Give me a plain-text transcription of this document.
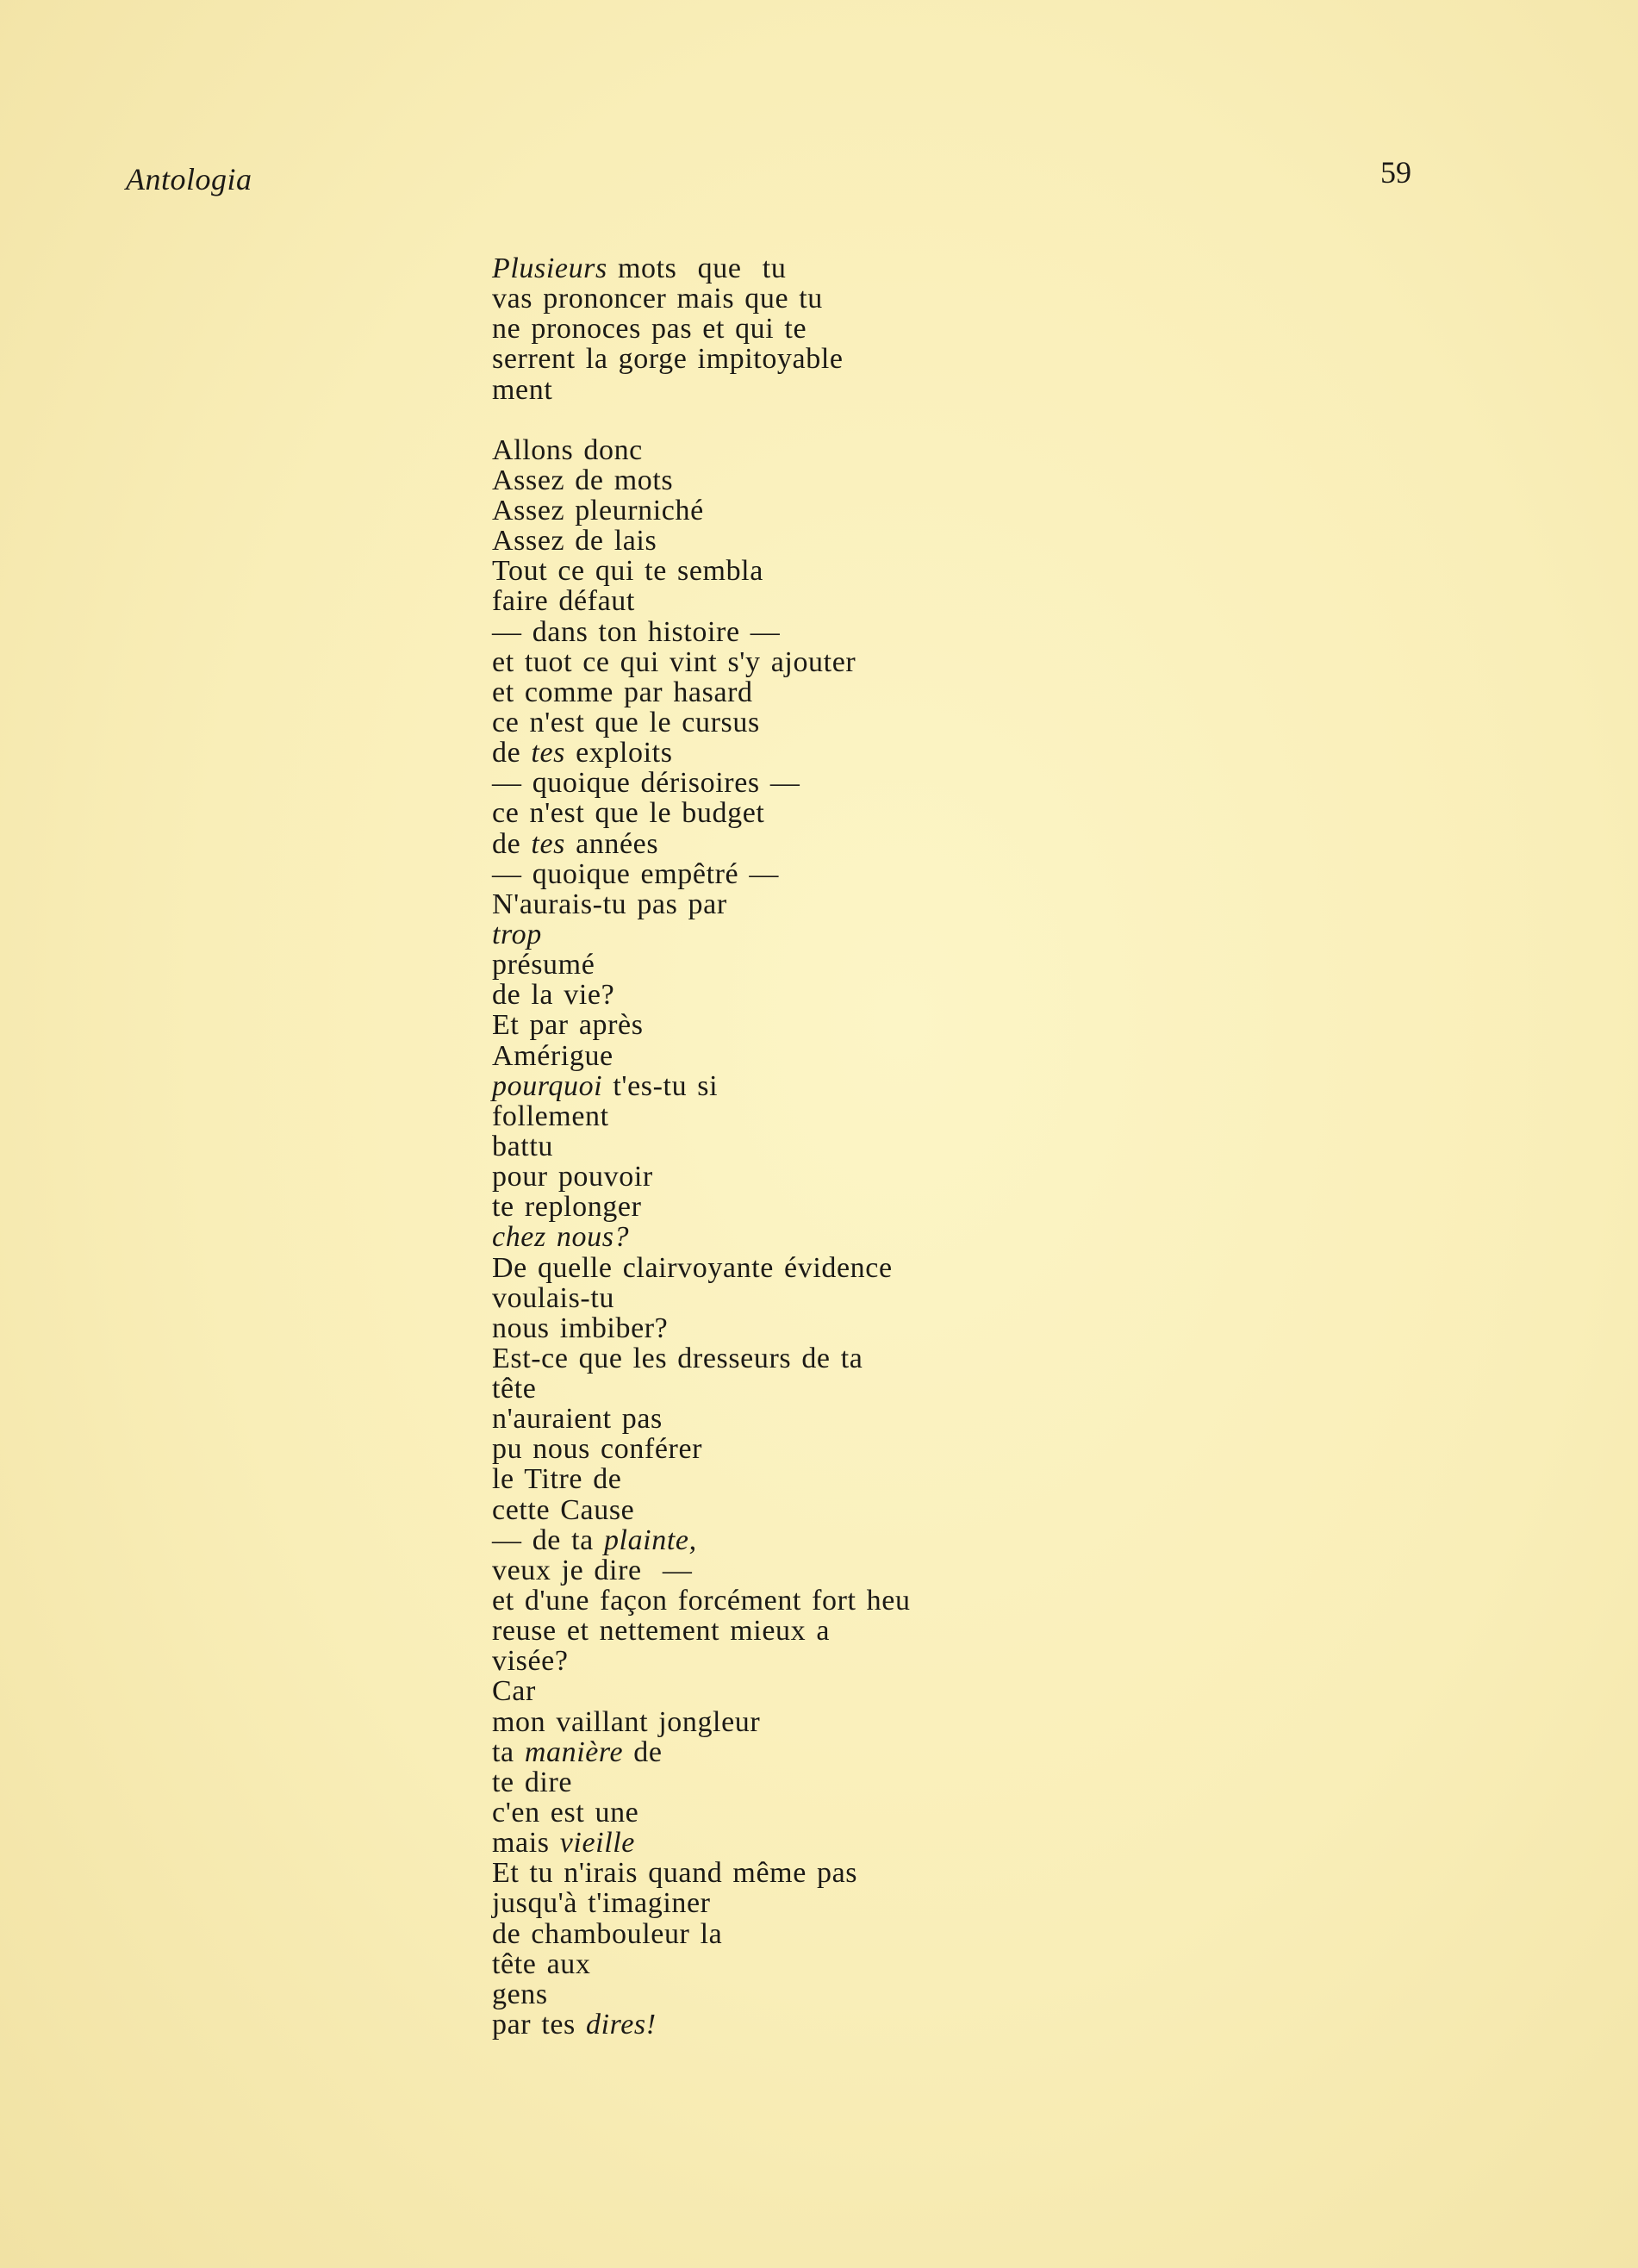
Antologia	59
Plusieurs mots  que  tu
vas prononcer mais que tu
ne pronoces pas et qui te
serrent la gorge impitoyable
ment
Allons donc
Assez de mots
Assez pleurniché
Assez de lais
Tout ce qui te sembla
faire défaut
— dans ton histoire —
et tuot ce qui vint s'y ajouter
et comme par hasard
ce n'est que le cursus
de tes exploits
— quoique dérisoires —
ce n'est que le budget
de tes années
— quoique empêtré —
N'aurais-tu pas par
trop
présumé
de la vie?
Et par après
Amérigue
pourquoi t'es-tu si
follement
battu
pour pouvoir
te replonger
chez nous?
De quelle clairvoyante évidence
voulais-tu
nous imbiber?
Est-ce que les dresseurs de ta
tête
n'auraient pas
pu nous conférer
le Titre de
cette Cause
— de ta plainte,
veux je dire  —
et d'une façon forcément fort heu
reuse et nettement mieux a
visée?
Car
mon vaillant jongleur
ta manière de
te dire
c'en est une
mais vieille
Et tu n'irais quand même pas
jusqu'à t'imaginer
de chambouleur la
tête aux
gens
par tes dires!
